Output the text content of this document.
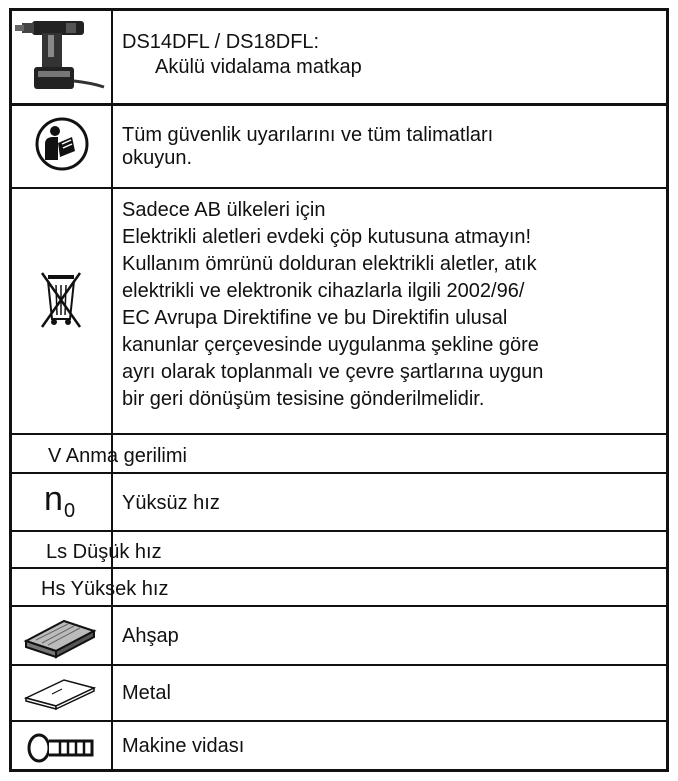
DS14DFL / DS18DFL:
Akülü vidalama matkap
Tüm güvenlik uyarılarını ve tüm talimatları
okuyun.
Sadece AB ülkeleri için
Elektrikli aletleri evdeki çöp kutusuna atmayın!
Kullanım ömrünü dolduran elektrikli aletler, atık
elektrikli ve elektronik cihazlarla ilgili 2002/96/
EC Avrupa Direktifine ve bu Direktifin ulusal
kanunlar çerçevesinde uygulanma şekline göre
ayrı olarak toplanmalı ve çevre şartlarına uygun
bir geri dönüşüm tesisine gönderilmelidir.
V Anma gerilimi
n 0 Yüksüz hız
Ls Düşük hız
Hs Yüksek hız
Ahşap
Metal
Makine vidası
